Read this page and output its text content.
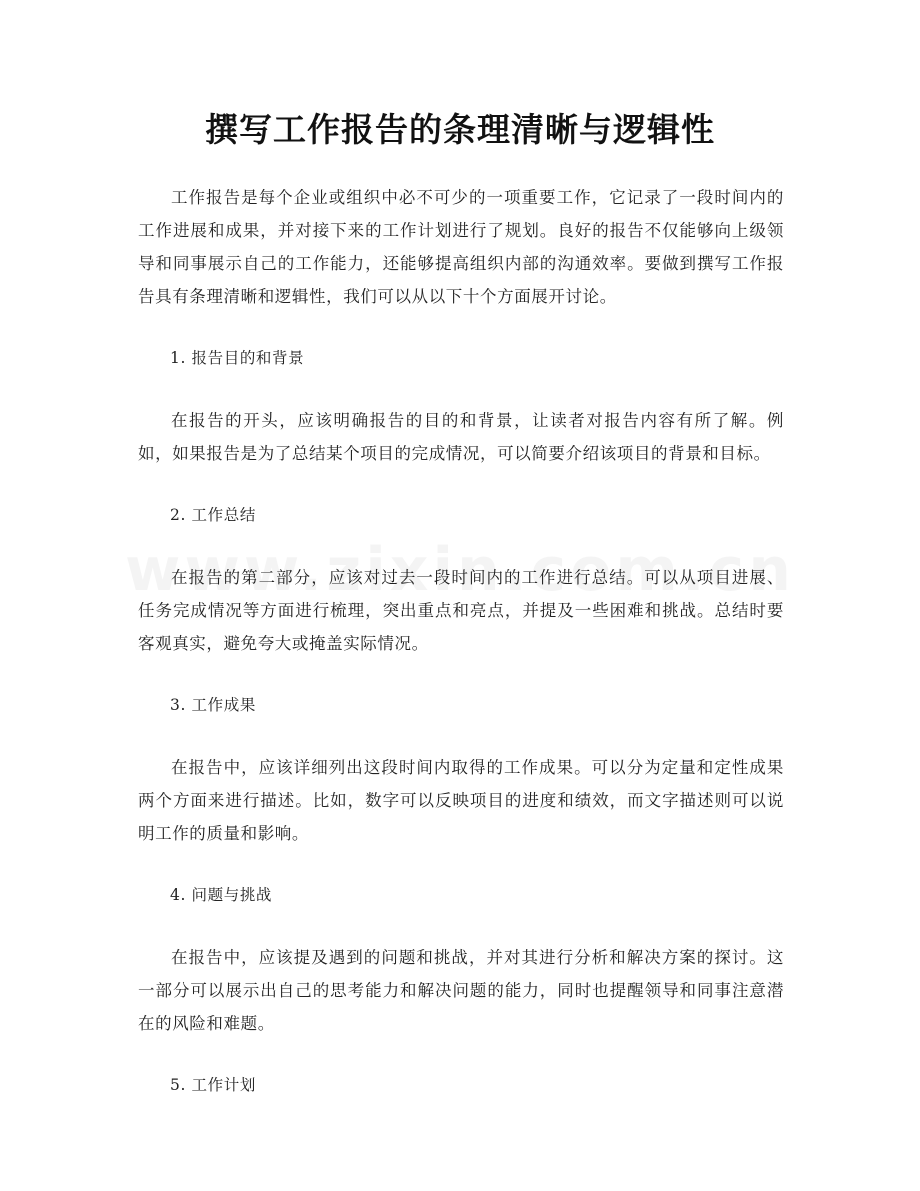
撰写工作报告的条理清晰与逻辑性

工作报告是每个企业或组织中必不可少的一项重要工作，它记录了一段时间内的工作进展和成果，并对接下来的工作计划进行了规划。良好的报告不仅能够向上级领导和同事展示自己的工作能力，还能够提高组织内部的沟通效率。要做到撰写工作报告具有条理清晰和逻辑性，我们可以从以下十个方面展开讨论。

1. 报告目的和背景

在报告的开头，应该明确报告的目的和背景，让读者对报告内容有所了解。例如，如果报告是为了总结某个项目的完成情况，可以简要介绍该项目的背景和目标。

2. 工作总结

在报告的第二部分，应该对过去一段时间内的工作进行总结。可以从项目进展、任务完成情况等方面进行梳理，突出重点和亮点，并提及一些困难和挑战。总结时要客观真实，避免夸大或掩盖实际情况。

3. 工作成果

在报告中，应该详细列出这段时间内取得的工作成果。可以分为定量和定性成果两个方面来进行描述。比如，数字可以反映项目的进度和绩效，而文字描述则可以说明工作的质量和影响。

4. 问题与挑战

在报告中，应该提及遇到的问题和挑战，并对其进行分析和解决方案的探讨。这一部分可以展示出自己的思考能力和解决问题的能力，同时也提醒领导和同事注意潜在的风险和难题。

5. 工作计划
